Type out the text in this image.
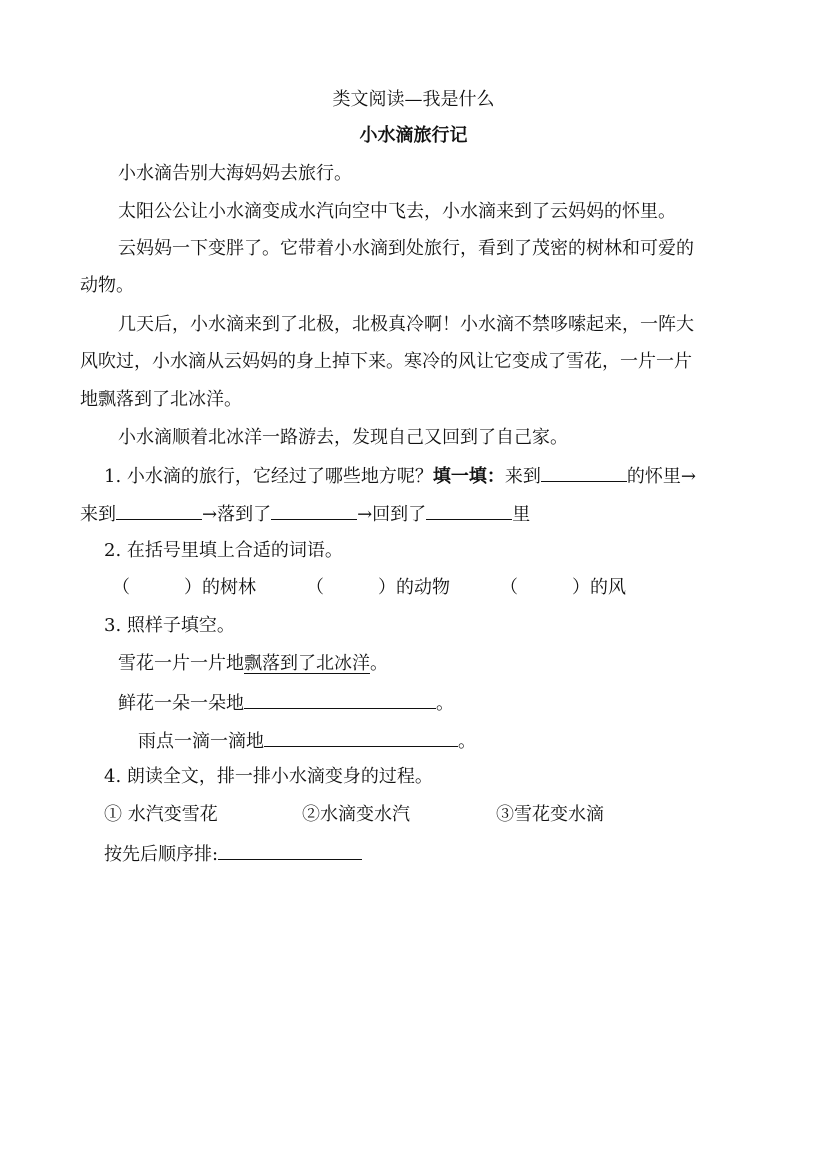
类文阅读—我是什么
小水滴旅行记
小水滴告别大海妈妈去旅行。
太阳公公让小水滴变成水汽向空中飞去，小水滴来到了云妈妈的怀里。
云妈妈一下变胖了。它带着小水滴到处旅行，看到了茂密的树林和可爱的
动物。
几天后，小水滴来到了北极，北极真冷啊！小水滴不禁哆嗦起来，一阵大
风吹过，小水滴从云妈妈的身上掉下来。寒冷的风让它变成了雪花，一片一片
地飘落到了北冰洋。
小水滴顺着北冰洋一路游去，发现自己又回到了自己家。
1. 小水滴的旅行，它经过了哪些地方呢？填一填：来到	的怀里→
来到	→落到了	→回到了	里
2. 在括号里填上合适的词语。
（　　　）的树林	（　　　）的动物	（　　　）的风
3. 照样子填空。
雪花一片一片地飘落到了北冰洋。
鲜花一朵一朵地	。
雨点一滴一滴地	。
4. 朗读全文，排一排小水滴变身的过程。
① 水汽变雪花	②水滴变水汽	③雪花变水滴
按先后顺序排:
